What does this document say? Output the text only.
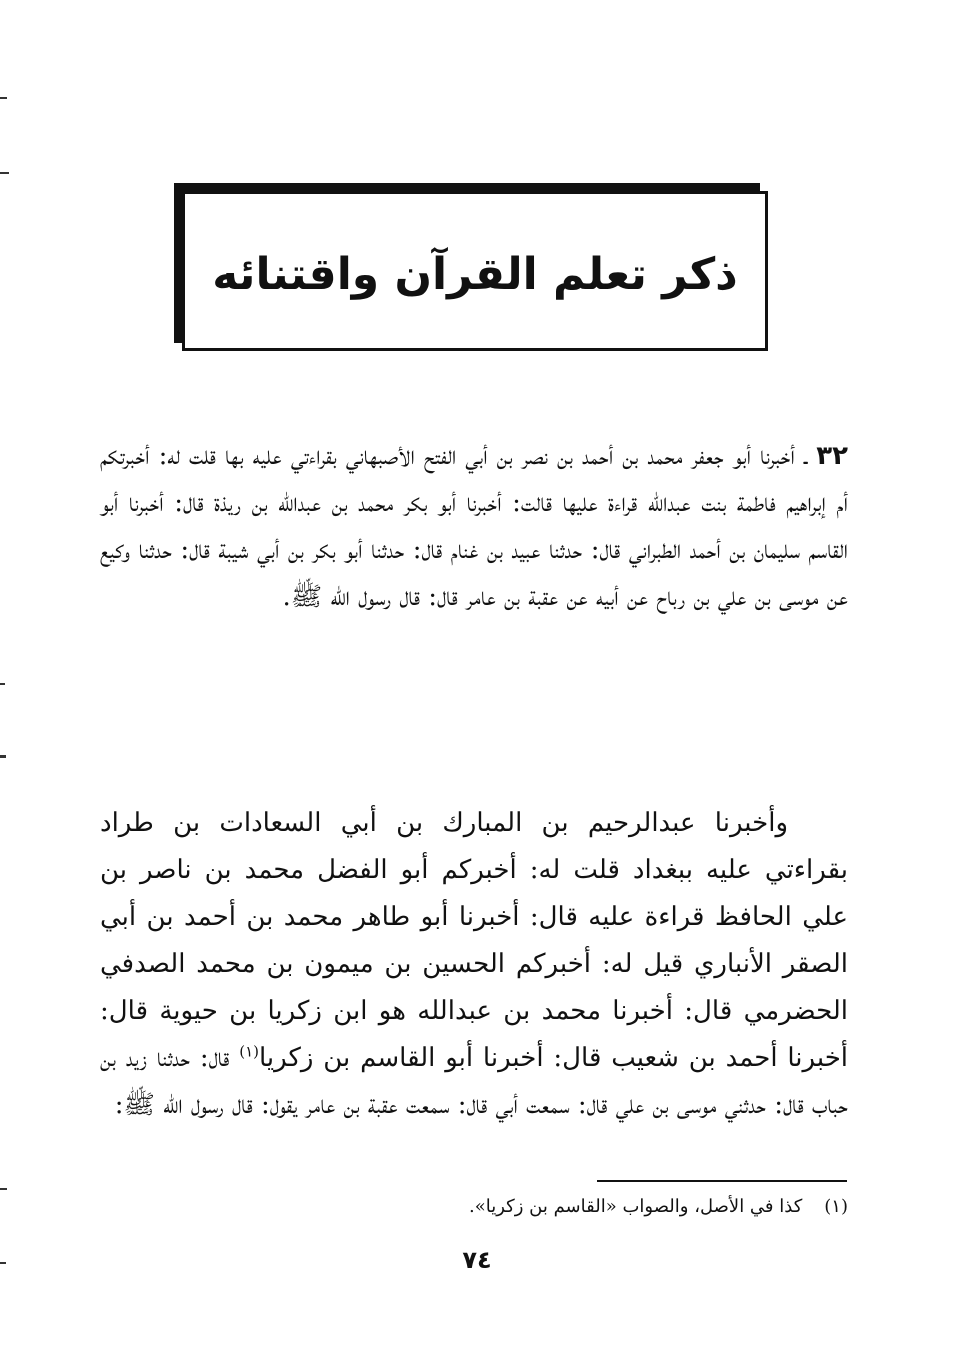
ذكر تعلم القرآن واقتنائه

٣٢ ـ أخبرنا أبو جعفر محمد بن أحمد بن نصر بن أبي الفتح الأصبهاني بقراءتي عليه بها قلت له: أخبرتكم أم إبراهيم فاطمة بنت عبدالله قراءة عليها قالت: أخبرنا أبو بكر محمد بن عبدالله بن ريذة قال: أخبرنا أبو القاسم سليمان بن أحمد الطبراني قال: حدثنا عبيد بن غنام قال: حدثنا أبو بكر بن أبي شيبة قال: حدثنا وكيع عن موسى بن علي بن رباح عن أبيه عن عقبة بن عامر قال: قال رسول الله ﷺ.

وأخبرنا عبدالرحيم بن المبارك بن أبي السعادات بن طراد بقراءتي عليه ببغداد قلت له: أخبركم أبو الفضل محمد بن ناصر بن علي الحافظ قراءة عليه قال: أخبرنا أبو طاهر محمد بن أحمد بن أبي الصقر الأنباري قيل له: أخبركم الحسين بن ميمون بن محمد الصدفي الحضرمي قال: أخبرنا محمد بن عبدالله هو ابن زكريا بن حيوية قال: أخبرنا أحمد بن شعيب قال: أخبرنا أبو القاسم بن زكريا$^{(١)}$ قال: حدثنا زيد بن حباب قال: حدثني موسى بن علي قال: سمعت أبي قال: سمعت عقبة بن عامر يقول: قال رسول الله ﷺ:

(١)كذا في الأصل، والصواب «القاسم بن زكريا».
٧٤
